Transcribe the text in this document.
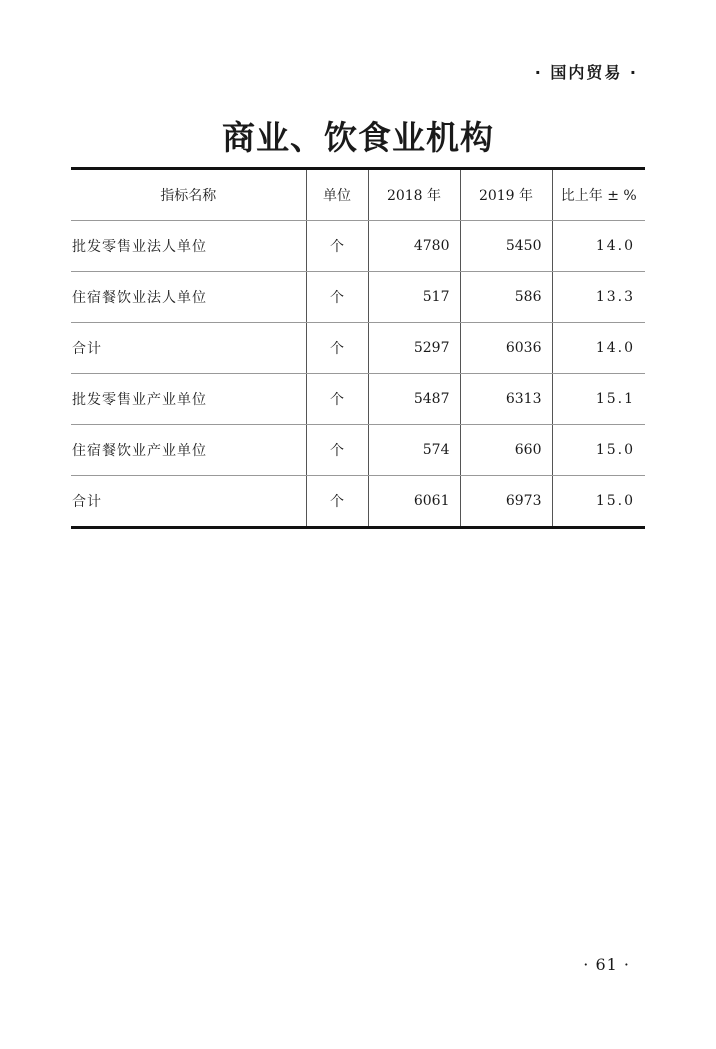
· 国内贸易 ·
商业、饮食业机构
指标名称	单位	2018 年	2019 年	比上年 ± %
批发零售业法人单位	个	4780	5450	14.0
住宿餐饮业法人单位	个	517	586	13.3
合计	个	5297	6036	14.0
批发零售业产业单位	个	5487	6313	15.1
住宿餐饮业产业单位	个	574	660	15.0
合计	个	6061	6973	15.0
· 61 ·
